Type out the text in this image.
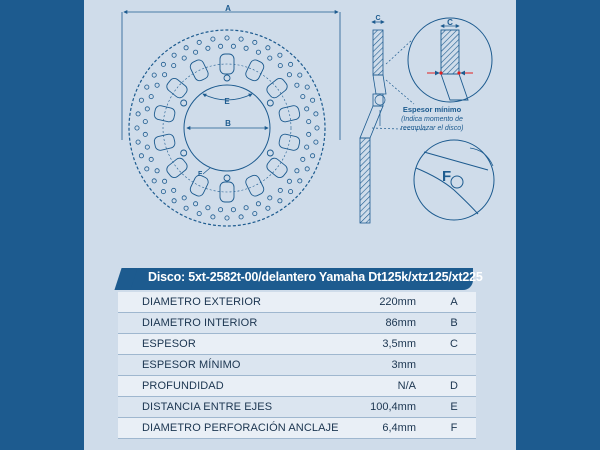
A
E
B
F
C	C
Espesor mínimo
(Indica momento de
reemplazar el disco)
F
Disco: 5xt-2582t-00/delantero Yamaha Dt125k/xtz125/xt225
DIAMETRO EXTERIOR	220mm	A
DIAMETRO INTERIOR	86mm	B
ESPESOR	3,5mm	C
ESPESOR MÍNIMO	3mm
PROFUNDIDAD	N/A	D
DISTANCIA ENTRE EJES	100,4mm	E
DIAMETRO PERFORACIÓN ANCLAJE	6,4mm	F
